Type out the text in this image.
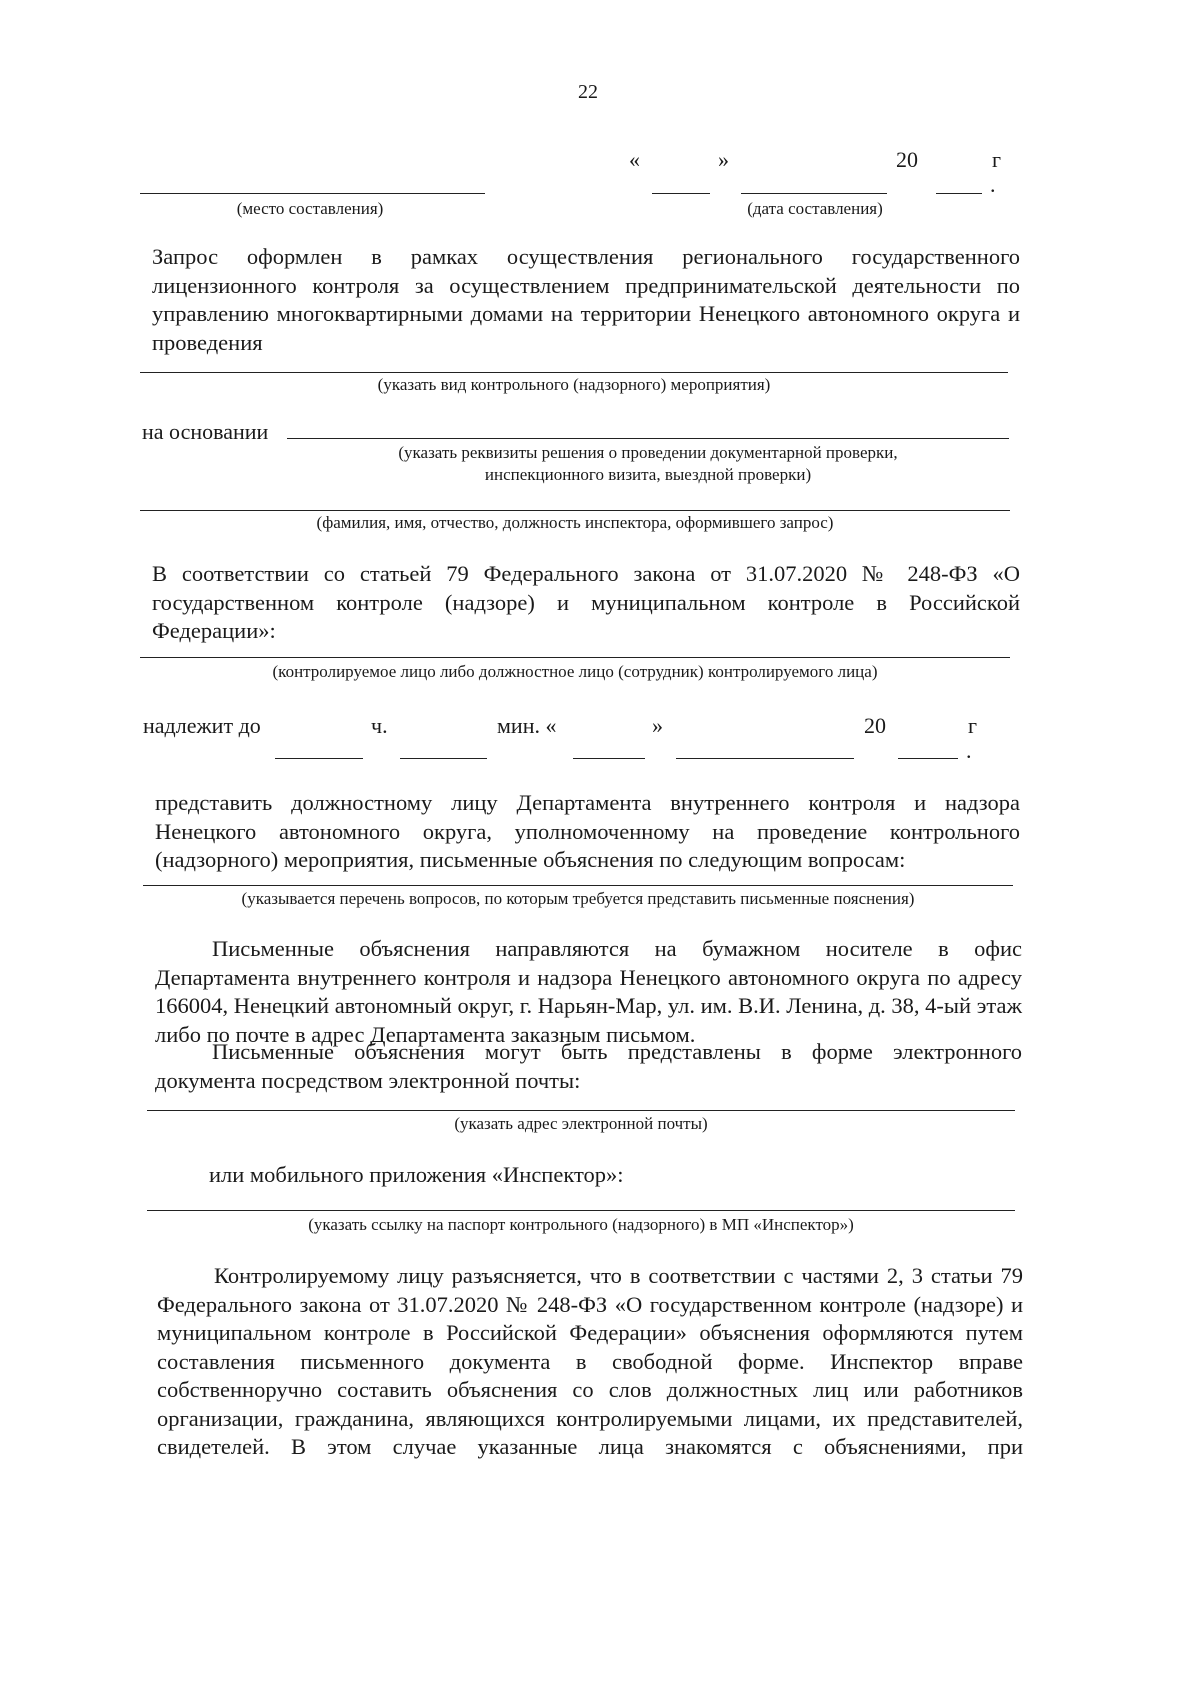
22
«	»	20	г
.
(место составления)	(дата составления)

Запрос оформлен в рамках осуществления регионального государственного лицензионного контроля за осуществлением предпринимательской деятельности по управлению многоквартирными домами на территории Ненецкого автономного округа и проведения

(указать вид контрольного (надзорного) мероприятия)
на основании
(указать реквизиты решения о проведении документарной проверки,
инспекционного визита, выездной проверки)
(фамилия, имя, отчество, должность инспектора, оформившего запрос)

В соответствии со статьей 79 Федерального закона от 31.07.2020 № 248-ФЗ «О государственном контроле (надзоре) и муниципальном контроле в Российской Федерации»:

(контролируемое лицо либо должностное лицо (сотрудник) контролируемого лица)
надлежит до	ч.	мин. «	»	20	г
.

представить должностному лицу Департамента внутреннего контроля и надзора Ненецкого автономного округа, уполномоченному на проведение контрольного (надзорного) мероприятия, письменные объяснения по следующим вопросам:

(указывается перечень вопросов, по которым требуется представить письменные пояснения)

Письменные объяснения направляются на бумажном носителе в офис Департамента внутреннего контроля и надзора Ненецкого автономного округа по адресу 166004, Ненецкий автономный округ, г. Нарьян-Мар, ул. им. В.И. Ленина, д. 38, 4-ый этаж либо по почте в адрес Департамента заказным письмом.

Письменные объяснения могут быть представлены в форме электронного документа посредством электронной почты:

(указать адрес электронной почты)
или мобильного приложения «Инспектор»:
(указать ссылку на паспорт контрольного (надзорного) в МП «Инспектор»)

Контролируемому лицу разъясняется, что в соответствии с частями 2, 3 статьи 79 Федерального закона от 31.07.2020 № 248-ФЗ «О государственном контроле (надзоре) и муниципальном контроле в Российской Федерации» объяснения оформляются путем составления письменного документа в свободной форме. Инспектор вправе собственноручно составить объяснения со слов должностных лиц или работников организации, гражданина, являющихся контролируемыми лицами, их представителей, свидетелей. В этом случае указанные лица знакомятся с объяснениями, при
